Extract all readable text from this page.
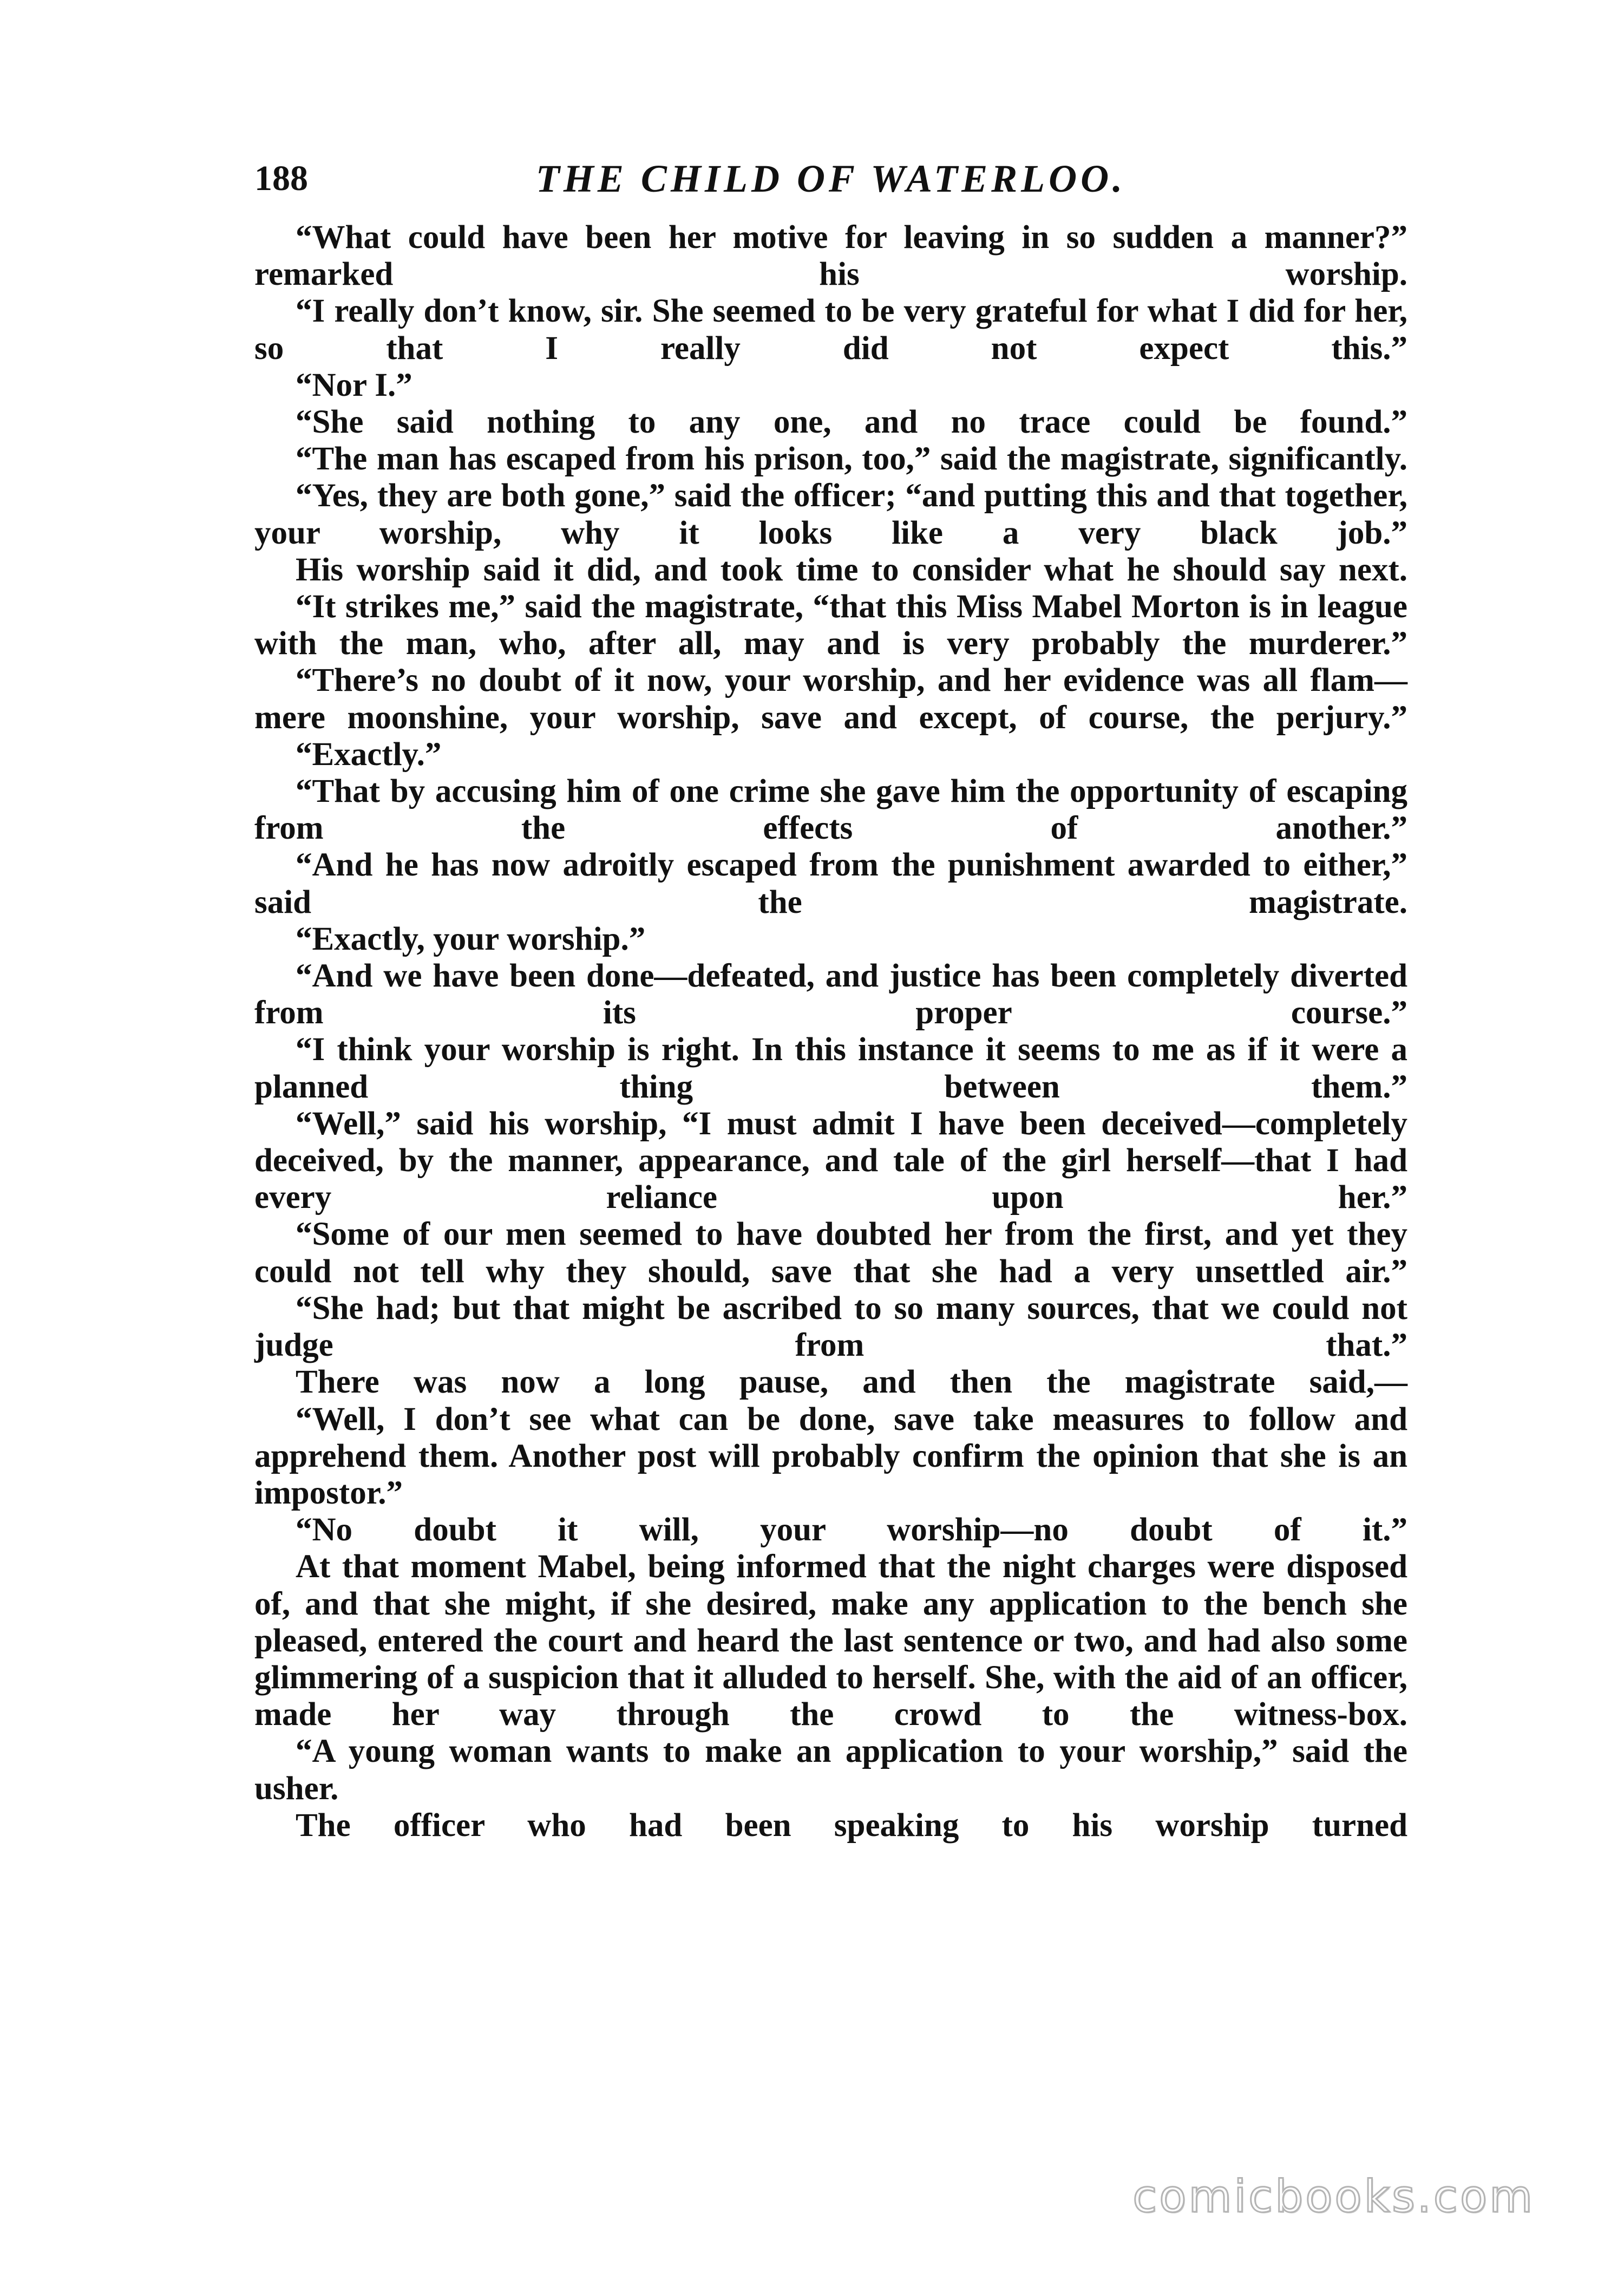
188	THE CHILD OF WATERLOO.

“What could have been her motive for leaving in so sudden a manner?” remarked his worship.

“I really don’t know, sir. She seemed to be very grateful for what I did for her, so that I really did not expect this.”

“Nor I.”

“She said nothing to any one, and no trace could be found.”

“The man has escaped from his prison, too,” said the magistrate, significantly.

“Yes, they are both gone,” said the officer; “and putting this and that together, your worship, why it looks like a very black job.”

His worship said it did, and took time to consider what he should say next.

“It strikes me,” said the magistrate, “that this Miss Mabel Morton is in league with the man, who, after all, may and is very probably the murderer.”

“There’s no doubt of it now, your worship, and her evidence was all flam—mere moonshine, your worship, save and except, of course, the perjury.”

“Exactly.”

“That by accusing him of one crime she gave him the opportunity of escaping from the effects of another.”

“And he has now adroitly escaped from the punishment awarded to either,” said the magistrate.

“Exactly, your worship.”

“And we have been done—defeated, and justice has been completely diverted from its proper course.”

“I think your worship is right. In this instance it seems to me as if it were a planned thing between them.”

“Well,” said his worship, “I must admit I have been deceived—completely deceived, by the manner, appearance, and tale of the girl herself—that I had every reliance upon her.”

“Some of our men seemed to have doubted her from the first, and yet they could not tell why they should, save that she had a very unsettled air.”

“She had; but that might be ascribed to so many sources, that we could not judge from that.”

There was now a long pause, and then the magistrate said,—

“Well, I don’t see what can be done, save take measures to follow and apprehend them. Another post will probably confirm the opinion that she is an impostor.”

“No doubt it will, your worship—no doubt of it.”

At that moment Mabel, being informed that the night charges were disposed of, and that she might, if she desired, make any application to the bench she pleased, entered the court and heard the last sentence or two, and had also some glimmering of a suspicion that it alluded to herself. She, with the aid of an officer, made her way through the crowd to the witness-box.

“A young woman wants to make an application to your worship,” said the usher.

The officer who had been speaking to his worship turned

comicbooks.com
